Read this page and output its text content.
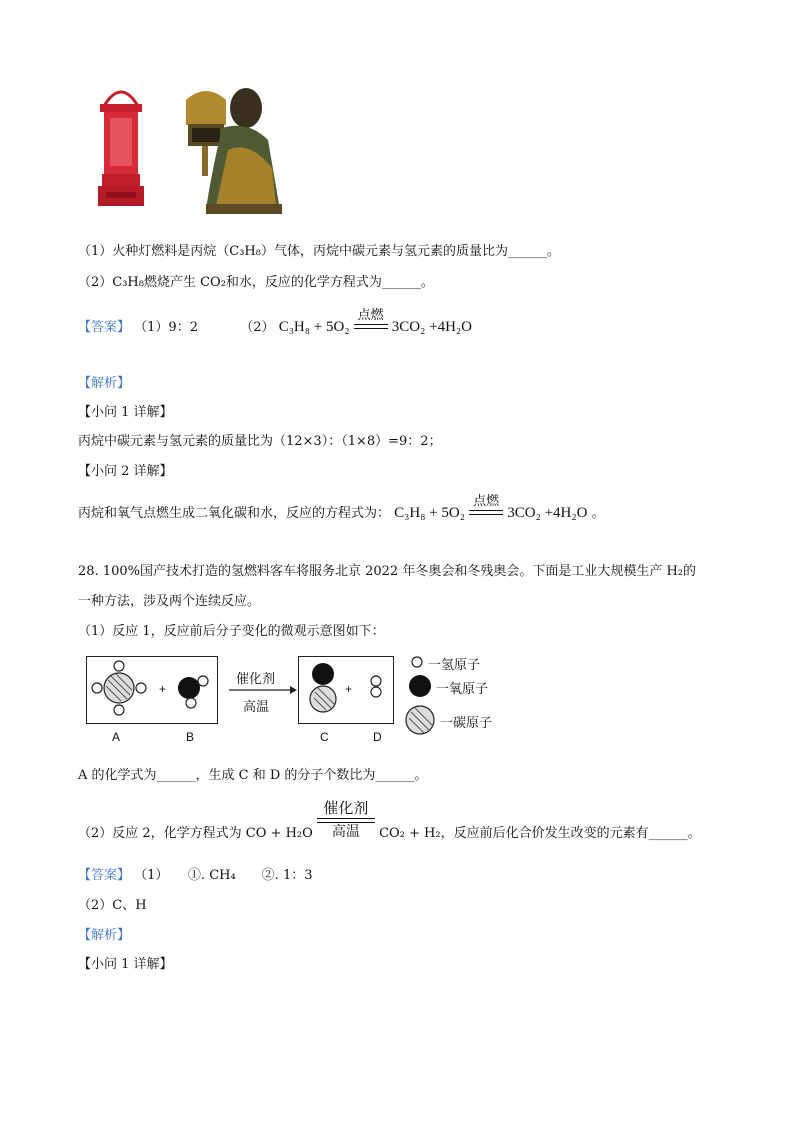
（1）火种灯燃料是丙烷（C₃H₈）气体，丙烷中碳元素与氢元素的质量比为______。
（2）C₃H₈燃烧产生 CO₂和水，反应的化学方程式为______。
【答案】 （1）9：2	（2） C₃H₈ + 5O₂
点燃
3CO₂ +4H₂O
【解析】
【小问 1 详解】
丙烷中碳元素与氢元素的质量比为（12×3）：（1×8）=9：2；
【小问 2 详解】
丙烷和氧气点燃生成二氧化碳和水，反应的方程式为： C₃H₈ + 5O₂
点燃
3CO₂ +4H₂O 。
28. 100%国产技术打造的氢燃料客车将服务北京 2022 年冬奥会和冬残奥会。下面是工业大规模生产 H₂的
一种方法，涉及两个连续反应。
（1）反应 1，反应前后分子变化的微观示意图如下：
+	+
催化剂
高温
A	B	C	D
一氢原子
一氧原子
一碳原子
A 的化学式为______，生成 C 和 D 的分子个数比为______。
（2）反应 2，化学方程式为 CO + H₂O
催化剂
高温	CO₂ + H₂，反应前后化合价发生改变的元素有______。
【答案】 （1）　　①. CH₄　　②. 1：3
（2）C、H
【解析】
【小问 1 详解】
